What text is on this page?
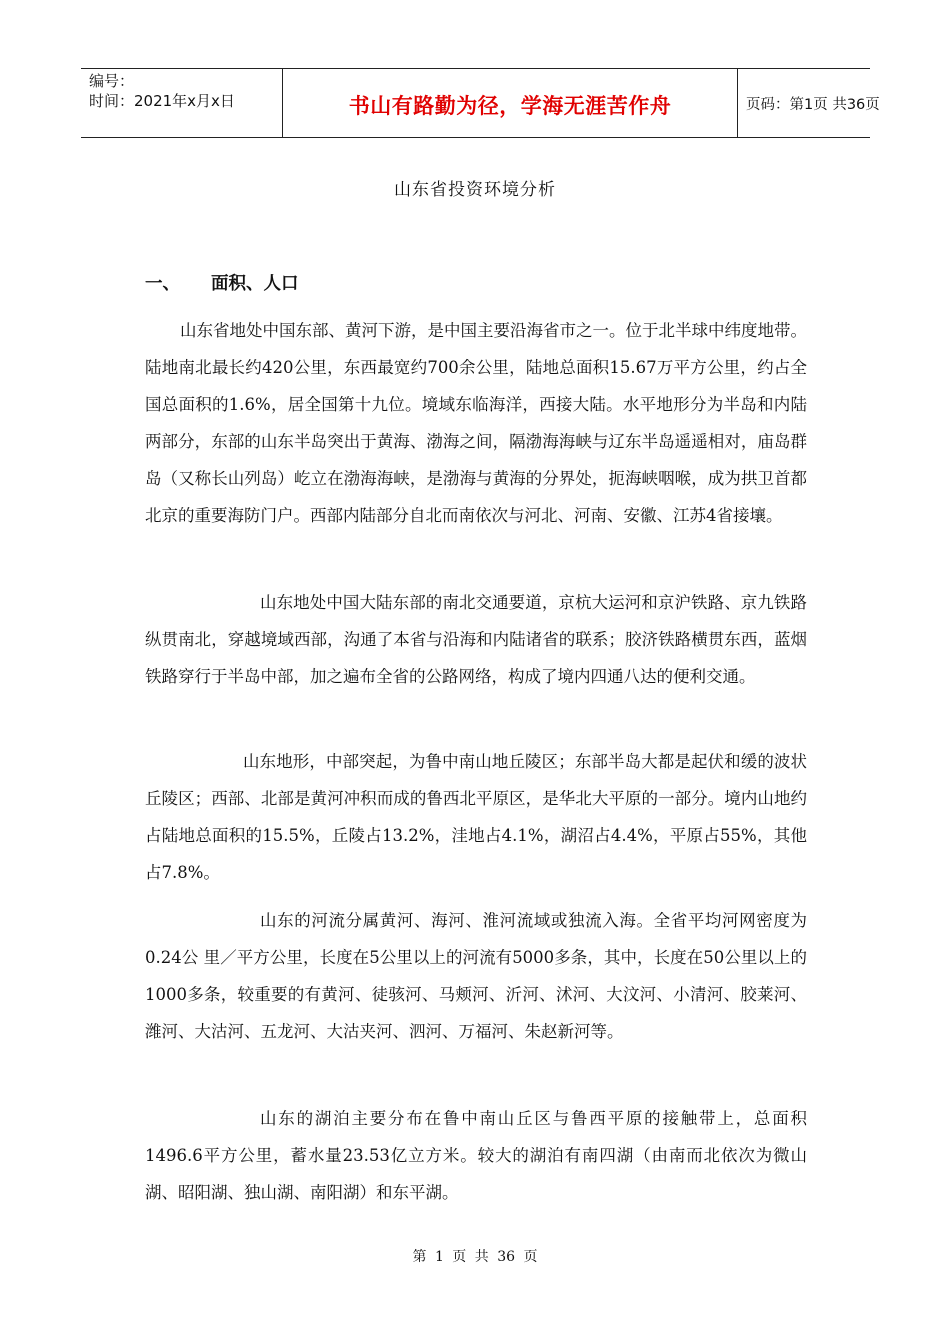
编号：
时间：2021年x月x日	书山有路勤为径，学海无涯苦作舟	页码：第1页 共36页
山东省投资环境分析
一、 面积、人口
山东省地处中国东部、黄河下游，是中国主要沿海省市之一。位于北半球中纬度地带。陆地南北最长约420公里，东西最宽约700余公里，陆地总面积15.67万平方公里，约占全国总面积的1.6%，居全国第十九位。境域东临海洋，西接大陆。水平地形分为半岛和内陆两部分，东部的山东半岛突出于黄海、渤海之间，隔渤海海峡与辽东半岛遥遥相对，庙岛群岛（又称长山列岛）屹立在渤海海峡，是渤海与黄海的分界处，扼海峡咽喉，成为拱卫首都北京的重要海防门户。西部内陆部分自北而南依次与河北、河南、安徽、江苏4省接壤。
山东地处中国大陆东部的南北交通要道，京杭大运河和京沪铁路、京九铁路纵贯南北，穿越境域西部，沟通了本省与沿海和内陆诸省的联系；胶济铁路横贯东西，蓝烟铁路穿行于半岛中部，加之遍布全省的公路网络，构成了境内四通八达的便利交通。
山东地形，中部突起，为鲁中南山地丘陵区；东部半岛大都是起伏和缓的波状丘陵区；西部、北部是黄河冲积而成的鲁西北平原区，是华北大平原的一部分。境内山地约占陆地总面积的15.5%，丘陵占13.2%，洼地占4.1%，湖沼占4.4%，平原占55%，其他占7.8%。
山东的河流分属黄河、海河、淮河流域或独流入海。全省平均河网密度为0.24公 里／平方公里，长度在5公里以上的河流有5000多条，其中，长度在50公里以上的 1000多条，较重要的有黄河、徒骇河、马颊河、沂河、沭河、大汶河、小清河、胶莱河、潍河、大沽河、五龙河、大沽夹河、泗河、万福河、朱赵新河等。
山东的湖泊主要分布在鲁中南山丘区与鲁西平原的接触带上，总面积1496.6平方公里，蓄水量23.53亿立方米。较大的湖泊有南四湖（由南而北依次为微山湖、昭阳湖、独山湖、南阳湖）和东平湖。
第 1 页 共 36 页
